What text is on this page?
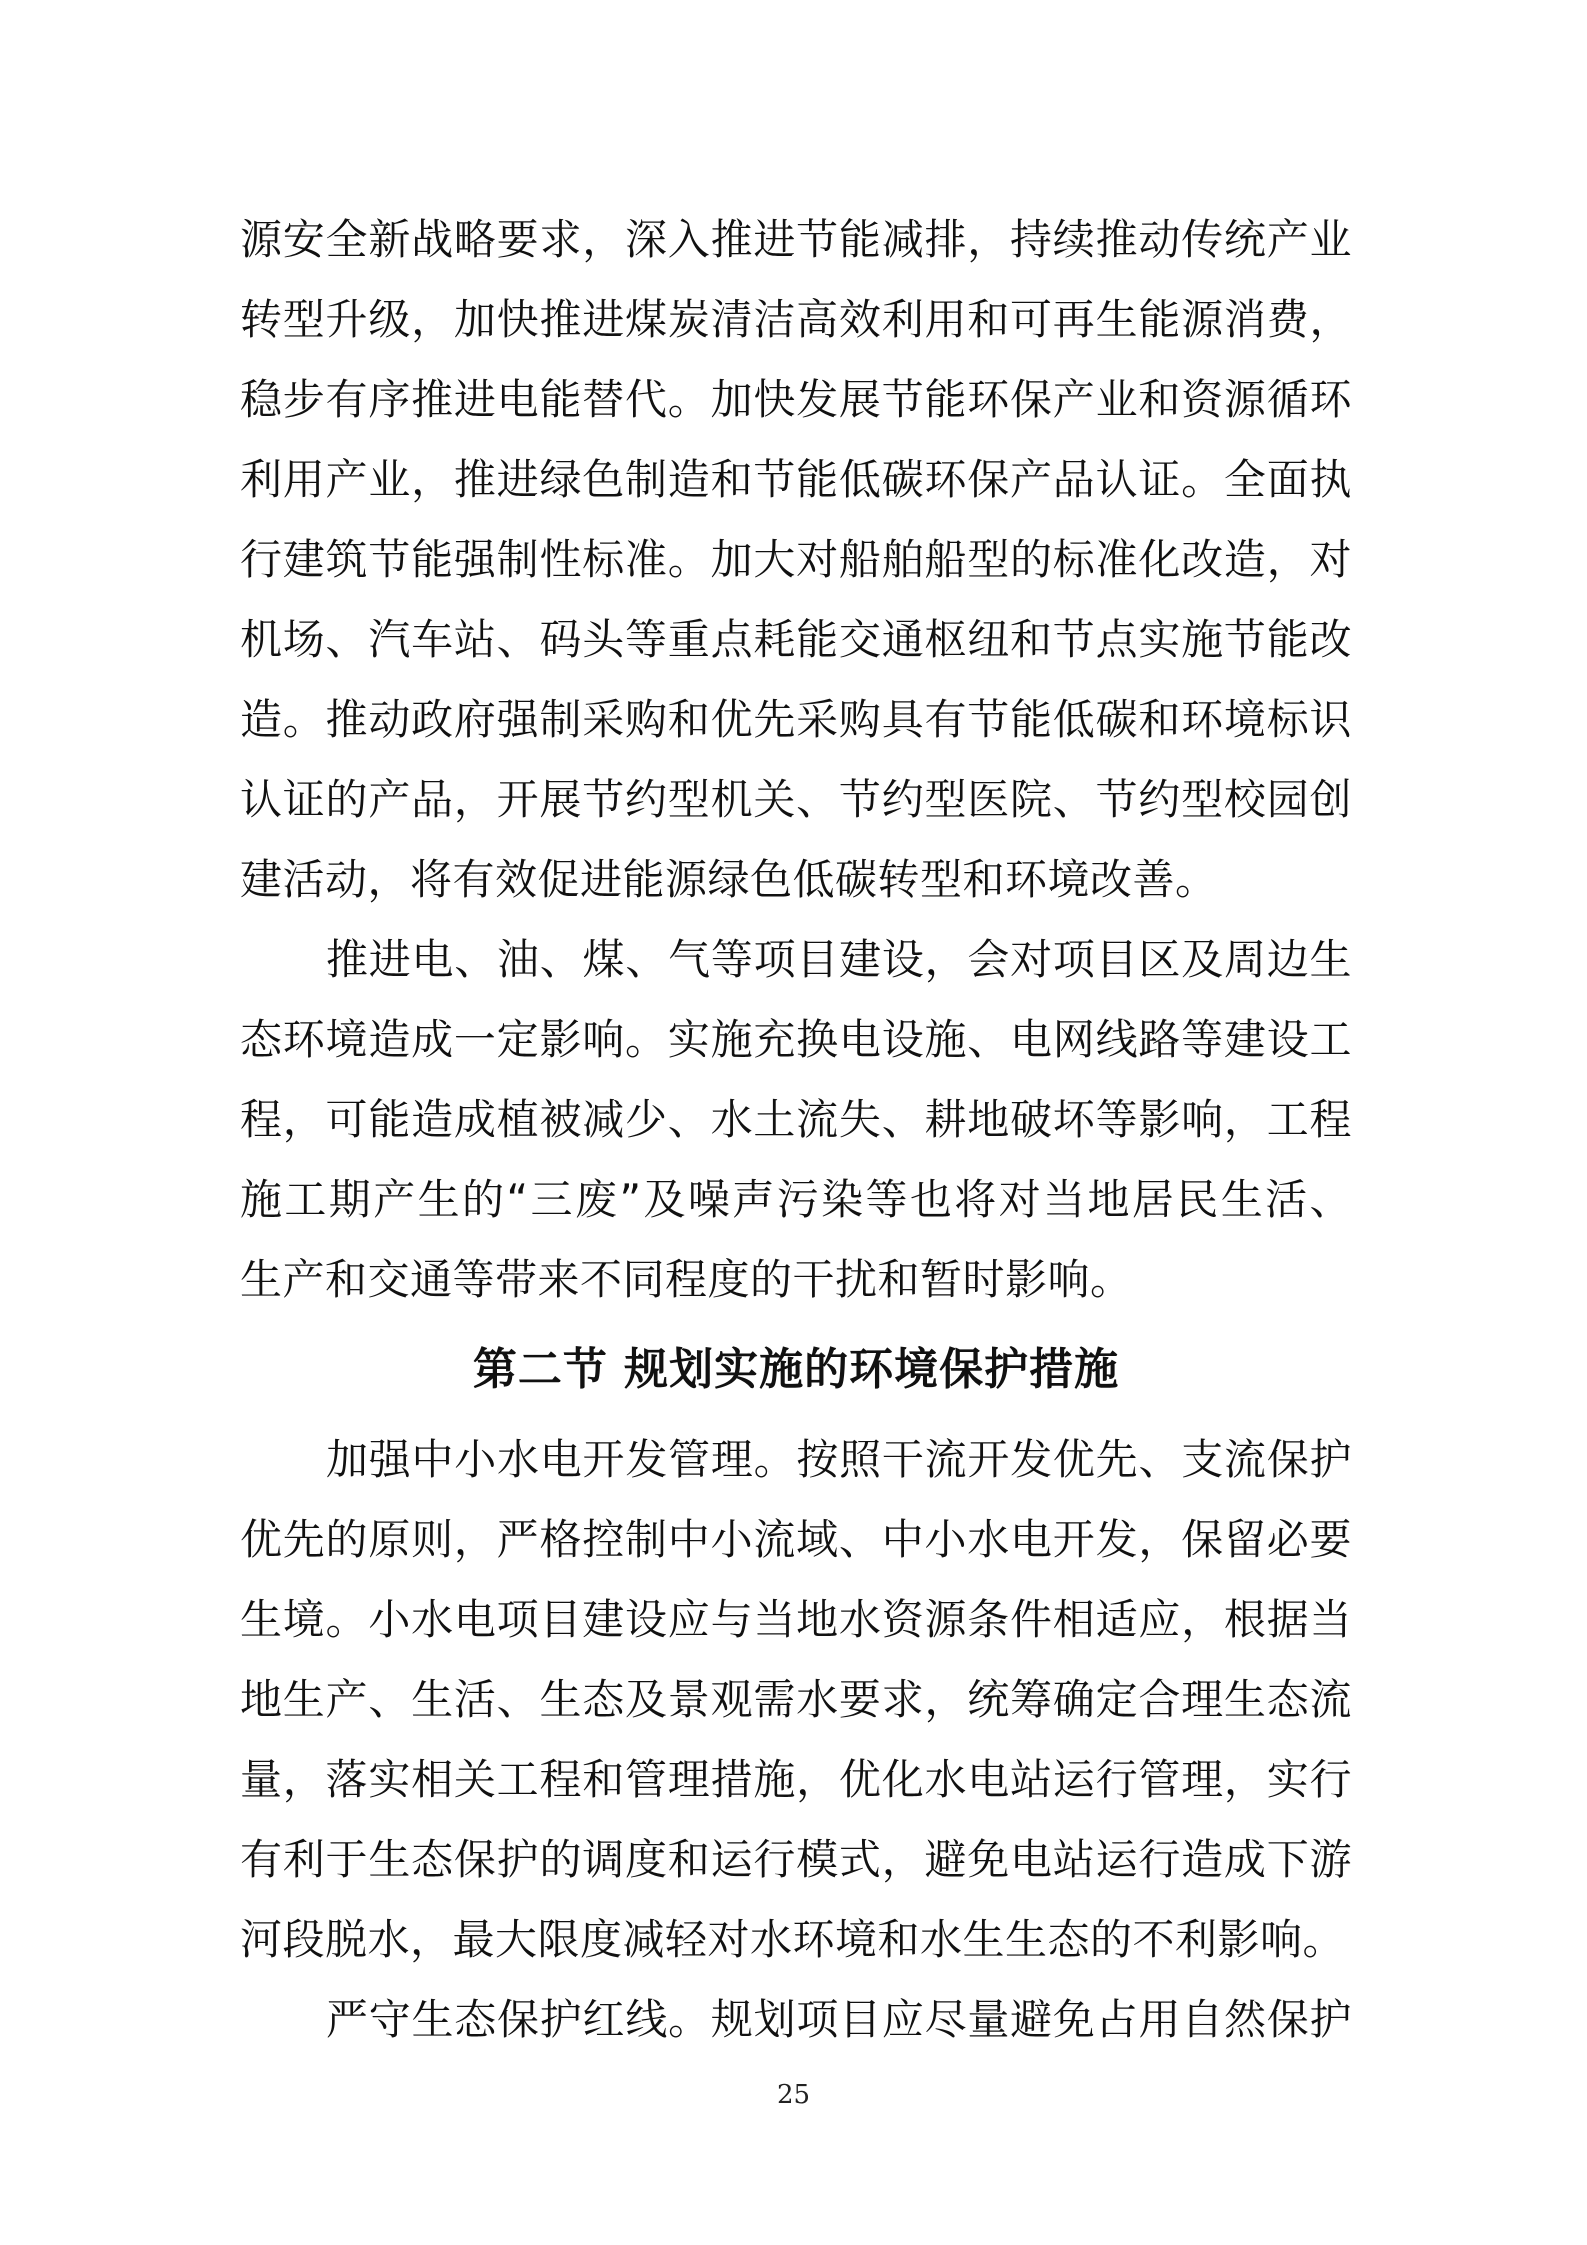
源安全新战略要求，深入推进节能减排，持续推动传统产业
转型升级，加快推进煤炭清洁高效利用和可再生能源消费，
稳步有序推进电能替代。加快发展节能环保产业和资源循环
利用产业，推进绿色制造和节能低碳环保产品认证。全面执
行建筑节能强制性标准。加大对船舶船型的标准化改造，对
机场、汽车站、码头等重点耗能交通枢纽和节点实施节能改
造。推动政府强制采购和优先采购具有节能低碳和环境标识
认证的产品，开展节约型机关、节约型医院、节约型校园创
建活动，将有效促进能源绿色低碳转型和环境改善。
推进电、油、煤、气等项目建设，会对项目区及周边生
态环境造成一定影响。实施充换电设施、电网线路等建设工
程，可能造成植被减少、水土流失、耕地破坏等影响，工程
施工期产生的“三废”及噪声污染等也将对当地居民生活、
生产和交通等带来不同程度的干扰和暂时影响。
第二节 规划实施的环境保护措施
加强中小水电开发管理。按照干流开发优先、支流保护
优先的原则，严格控制中小流域、中小水电开发，保留必要
生境。小水电项目建设应与当地水资源条件相适应，根据当
地生产、生活、生态及景观需水要求，统筹确定合理生态流
量，落实相关工程和管理措施，优化水电站运行管理，实行
有利于生态保护的调度和运行模式，避免电站运行造成下游
河段脱水，最大限度减轻对水环境和水生生态的不利影响。
严守生态保护红线。规划项目应尽量避免占用自然保护
25
